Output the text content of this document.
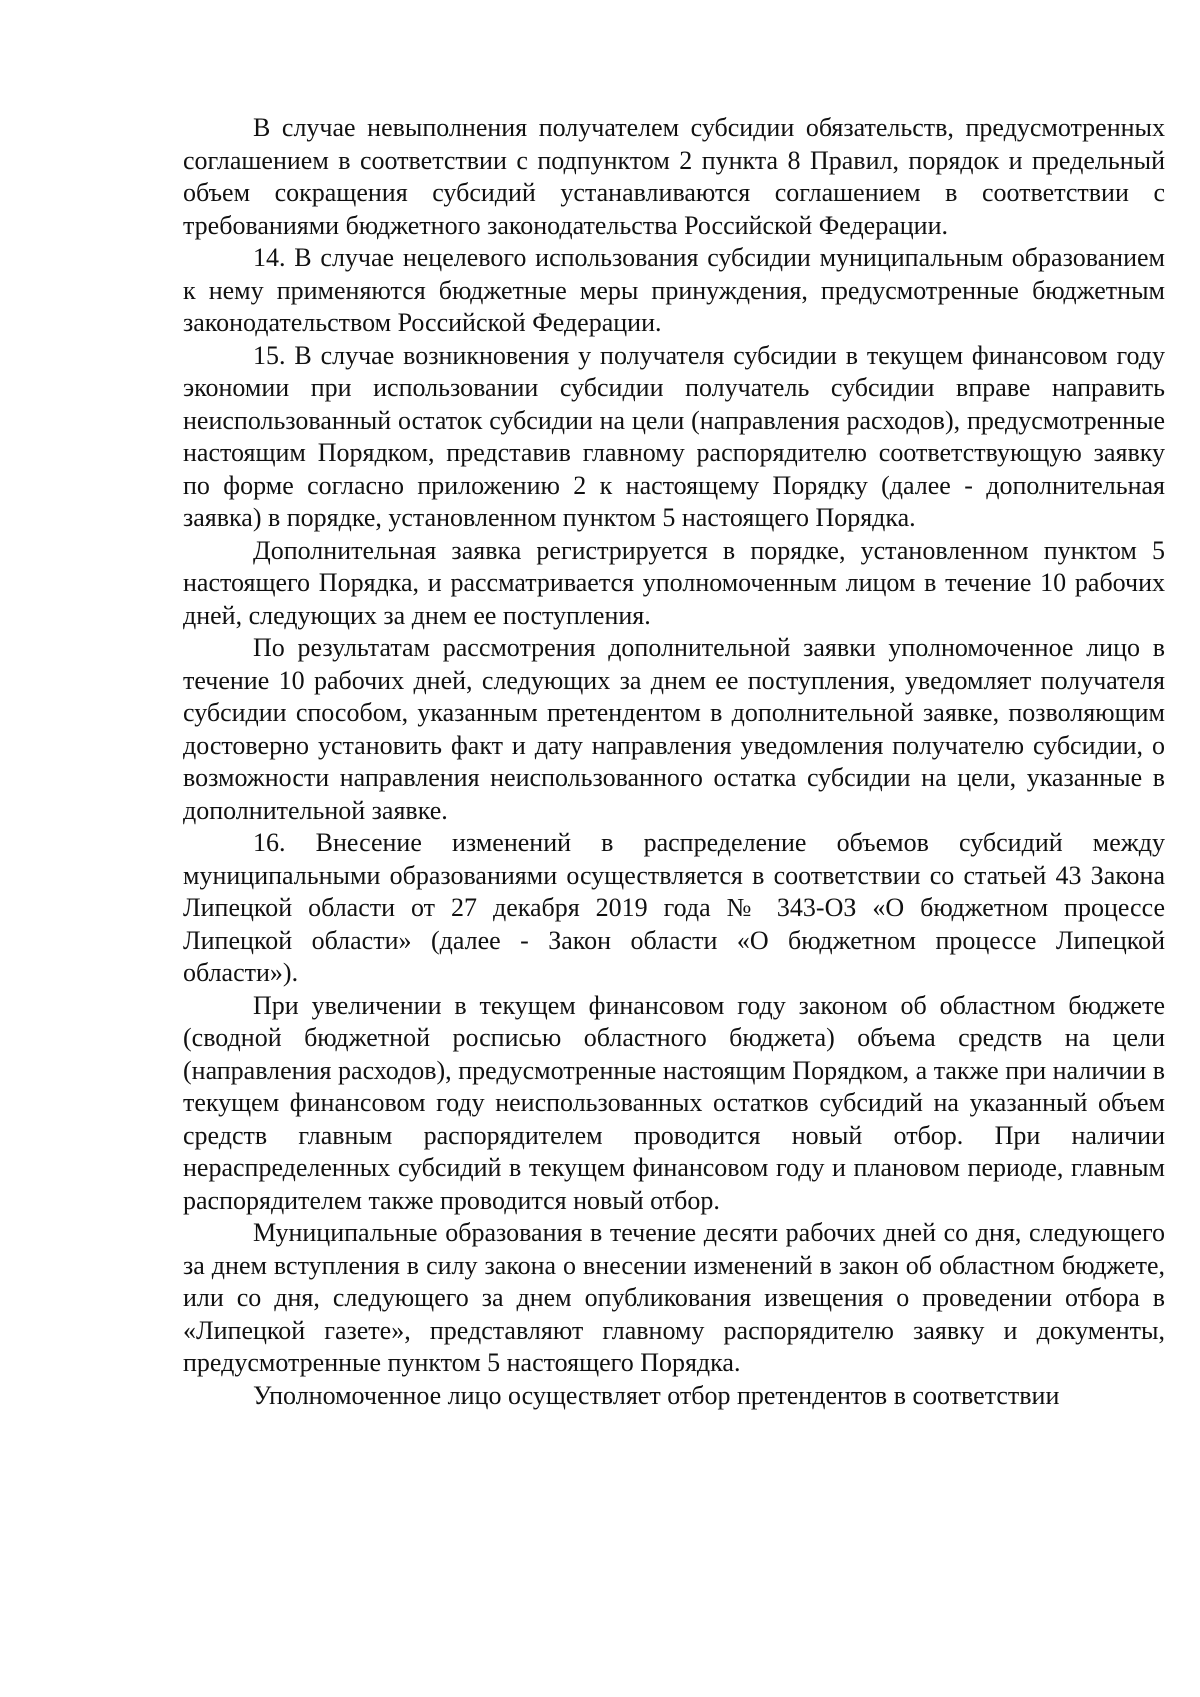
В случае невыполнения получателем субсидии обязательств, предусмотренных соглашением в соответствии с подпунктом 2 пункта 8 Правил, порядок и предельный объем сокращения субсидий устанавливаются соглашением в соответствии с требованиями бюджетного законодательства Российской Федерации.

14. В случае нецелевого использования субсидии муниципальным образованием к нему применяются бюджетные меры принуждения, предусмотренные бюджетным законодательством Российской Федерации.

15. В случае возникновения у получателя субсидии в текущем финансовом году экономии при использовании субсидии получатель субсидии вправе направить неиспользованный остаток субсидии на цели (направления расходов), предусмотренные настоящим Порядком, представив главному распорядителю соответствующую заявку по форме согласно приложению 2 к настоящему Порядку (далее - дополнительная заявка) в порядке, установленном пунктом 5 настоящего Порядка.

Дополнительная заявка регистрируется в порядке, установленном пунктом 5 настоящего Порядка, и рассматривается уполномоченным лицом в течение 10 рабочих дней, следующих за днем ее поступления.

По результатам рассмотрения дополнительной заявки уполномоченное лицо в течение 10 рабочих дней, следующих за днем ее поступления, уведомляет получателя субсидии способом, указанным претендентом в дополнительной заявке, позволяющим достоверно установить факт и дату направления уведомления получателю субсидии, о возможности направления неиспользованного остатка субсидии на цели, указанные в дополнительной заявке.

16. Внесение изменений в распределение объемов субсидий между муниципальными образованиями осуществляется в соответствии со статьей 43 Закона Липецкой области от 27 декабря 2019 года № 343-ОЗ «О бюджетном процессе Липецкой области» (далее - Закон области «О бюджетном процессе Липецкой области»).

При увеличении в текущем финансовом году законом об областном бюджете (сводной бюджетной росписью областного бюджета) объема средств на цели (направления расходов), предусмотренные настоящим Порядком, а также при наличии в текущем финансовом году неиспользованных остатков субсидий на указанный объем средств главным распорядителем проводится новый отбор. При наличии нераспределенных субсидий в текущем финансовом году и плановом периоде, главным распорядителем также проводится новый отбор.

Муниципальные образования в течение десяти рабочих дней со дня, следующего за днем вступления в силу закона о внесении изменений в закон об областном бюджете, или со дня, следующего за днем опубликования извещения о проведении отбора в «Липецкой газете», представляют главному распорядителю заявку и документы, предусмотренные пунктом 5 настоящего Порядка.

Уполномоченное лицо осуществляет отбор претендентов в соответствии
